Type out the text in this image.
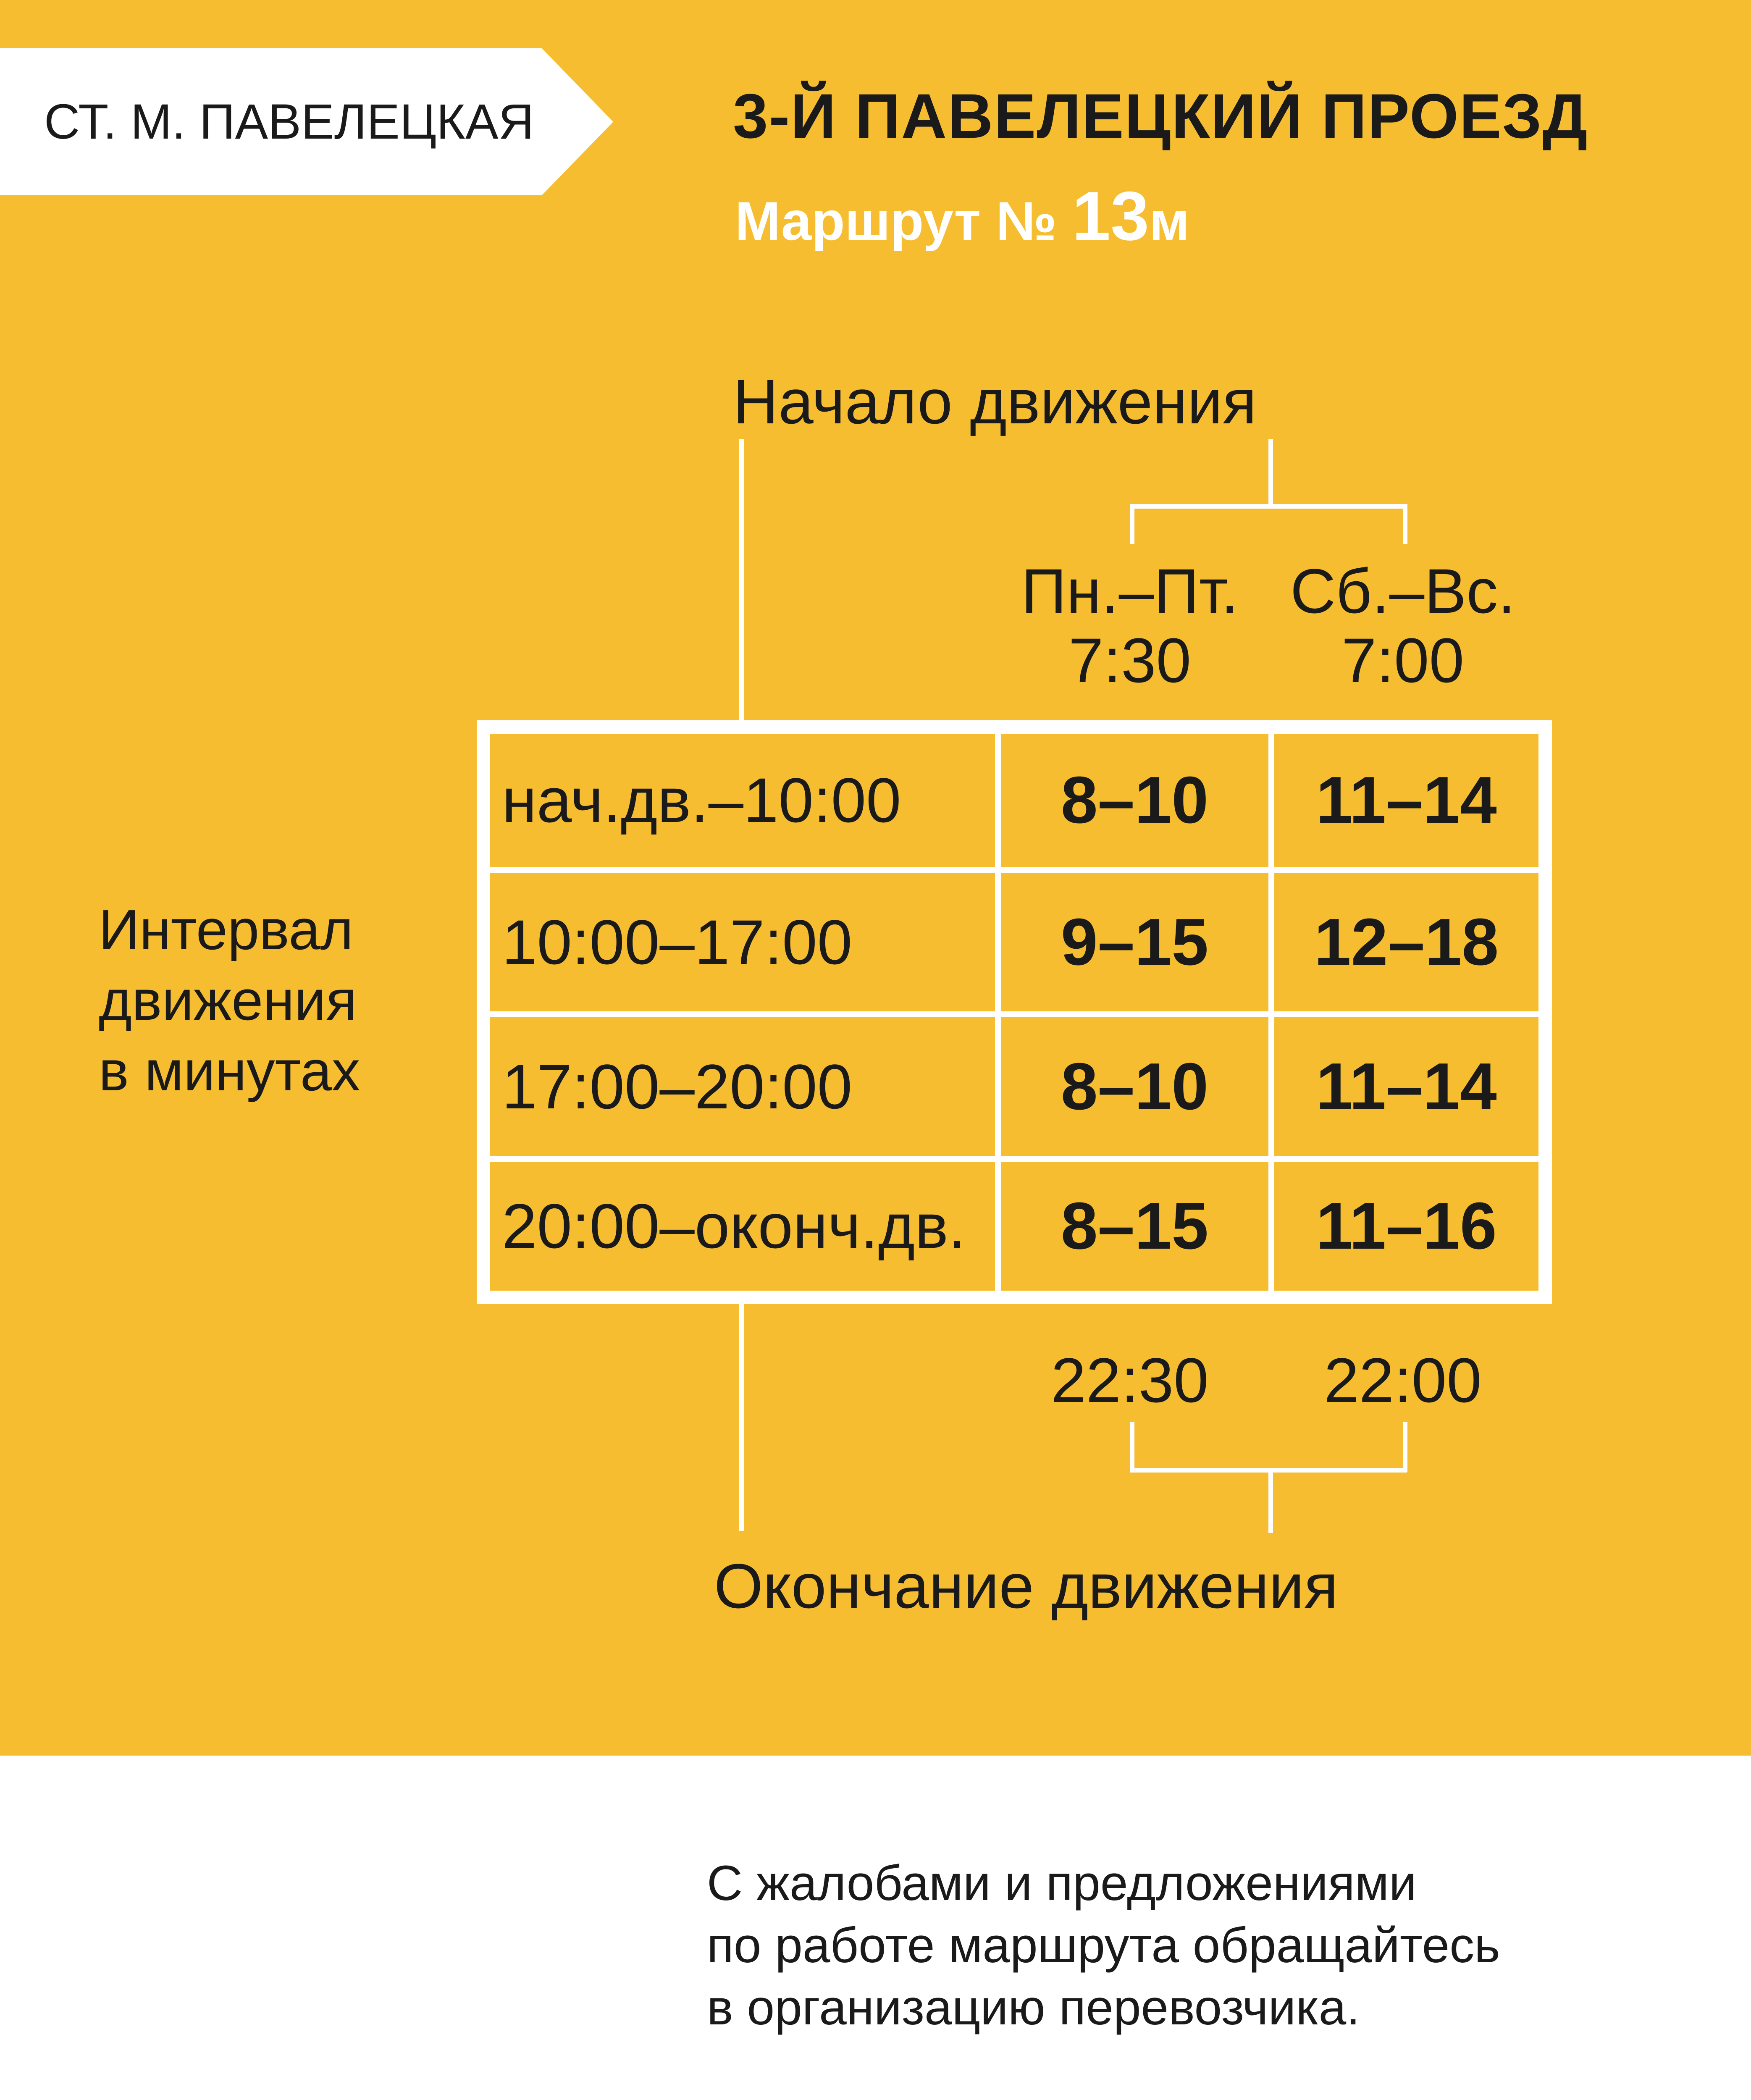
СТ. М. ПАВЕЛЕЦКАЯ	3-Й ПАВЕЛЕЦКИЙ ПРОЕЗД
Маршрут № 13м
Начало движения
Пн.–Пт.
7:30
Сб.–Вс.
7:00
Интервал
движения
в минутах
нач.дв.–10:00	8–10	11–14
10:00–17:00	9–15	12–18
17:00–20:00	8–10	11–14
20:00–оконч.дв.	8–15	11–16
22:30	22:00
Окончание движения

С жалобами и предложениями

по работе маршрута обращайтесь

в организацию перевозчика.
